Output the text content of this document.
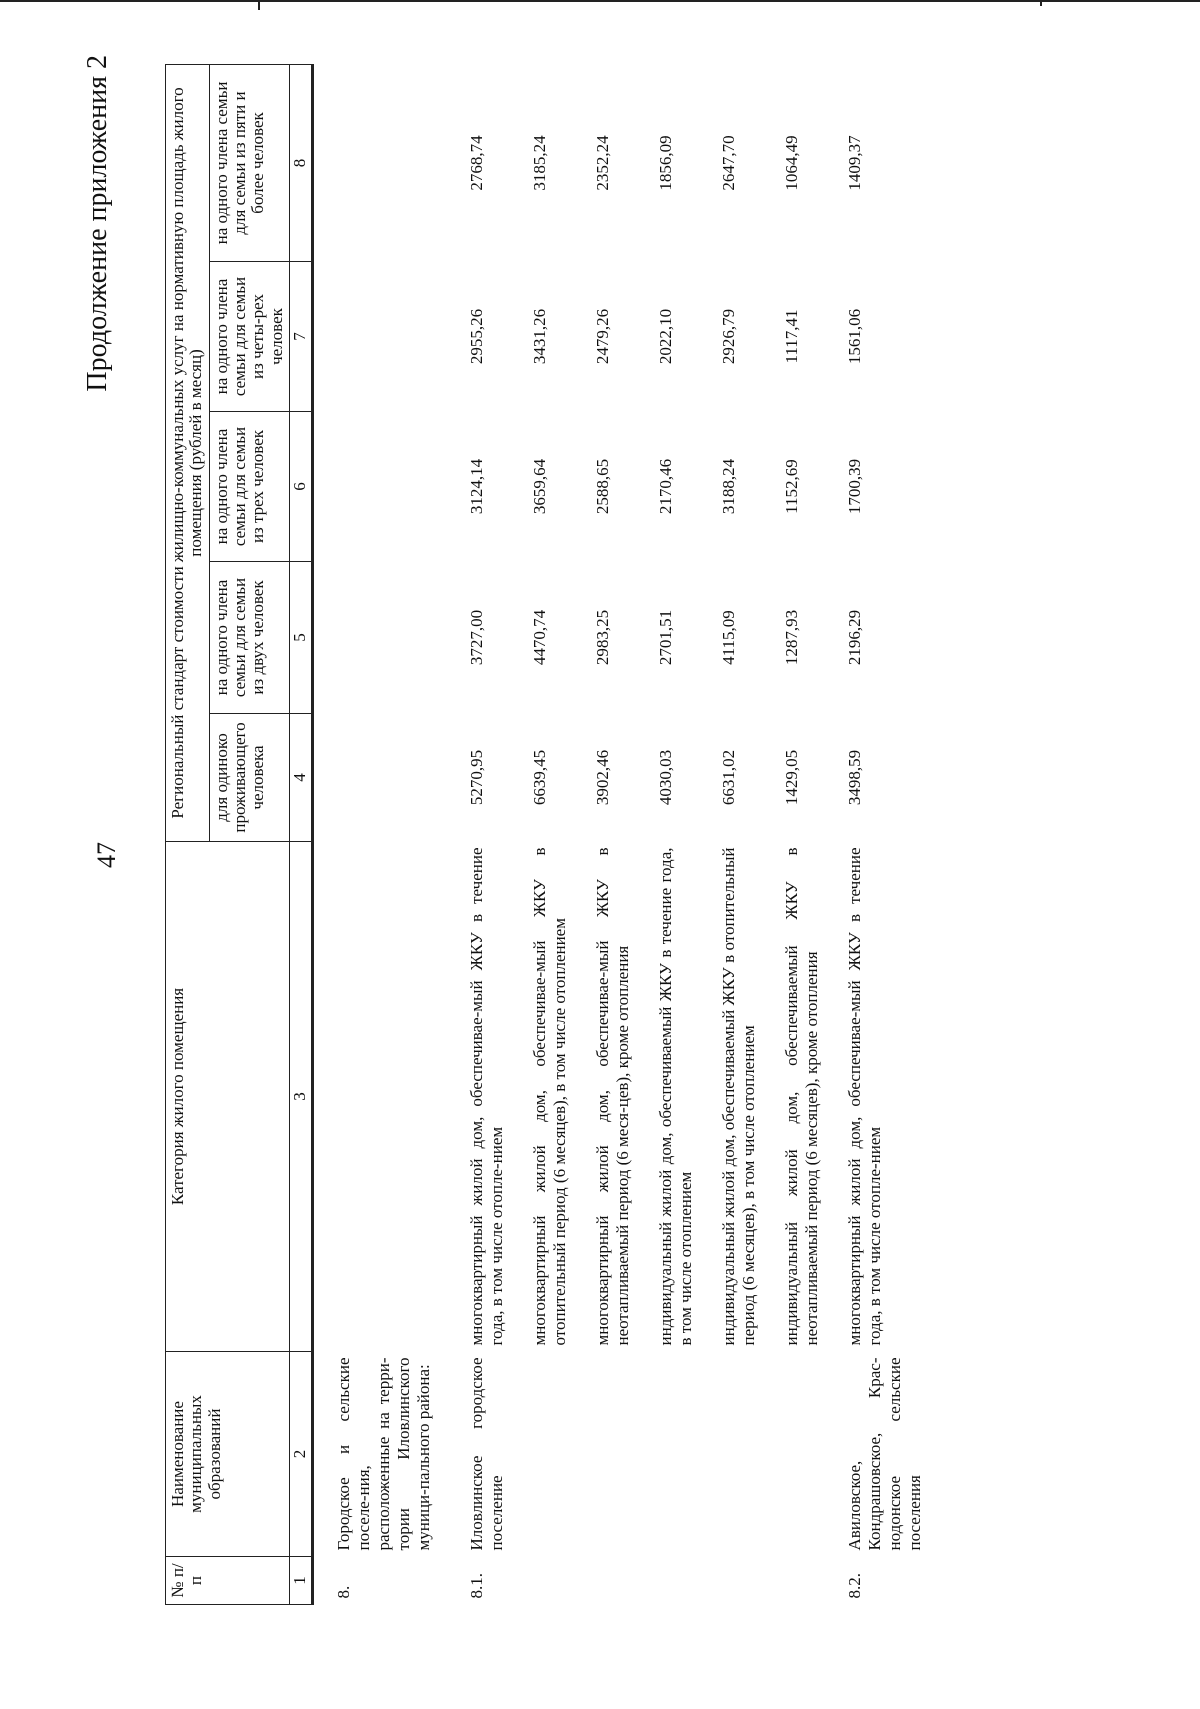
47
Продолжение приложения 2
№ п/п	Наименование муниципальных образований	Категория жилого помещения	Региональный стандарт стоимости жилищно-коммунальных услуг на нормативную площадь жилого помещения (рублей в месяц)				
			для одиноко проживающего человека	на одного члена семьи для семьи из двух человек	на одного члена семьи для семьи из трех человек	на одного члена семьи для семьи из четы-рех человек	на одного члена семьи для семьи из пяти и более человек
1	2	3	4	5	6	7	8
8.	Городское и сельские поселе-ния, расположенные на терри-тории Иловлинского муници-пального района:						
8.1.	Иловлинское городское поселение	многоквартирный жилой дом, обеспечивае-мый ЖКУ в течение года, в том числе отопле-нием	5270,95	3727,00	3124,14	2955,26	2768,74
		многоквартирный жилой дом, обеспечивае-мый ЖКУ в отопительный период (6 месяцев), в том числе отоплением	6639,45	4470,74	3659,64	3431,26	3185,24
		многоквартирный жилой дом, обеспечивае-мый ЖКУ в неотапливаемый период (6 меся-цев), кроме отопления	3902,46	2983,25	2588,65	2479,26	2352,24
		индивидуальный жилой дом, обеспечиваемый ЖКУ в течение года, в том числе отоплением	4030,03	2701,51	2170,46	2022,10	1856,09
		индивидуальный жилой дом, обеспечиваемый ЖКУ в отопительный период (6 месяцев), в том числе отоплением	6631,02	4115,09	3188,24	2926,79	2647,70
		индивидуальный жилой дом, обеспечиваемый ЖКУ в неотапливаемый период (6 месяцев), кроме отопления	1429,05	1287,93	1152,69	1117,41	1064,49
8.2.	Авиловское, Кондрашовское, Крас-нодонское сельские поселения	многоквартирный жилой дом, обеспечивае-мый ЖКУ в течение года, в том числе отопле-нием	3498,59	2196,29	1700,39	1561,06	1409,37
